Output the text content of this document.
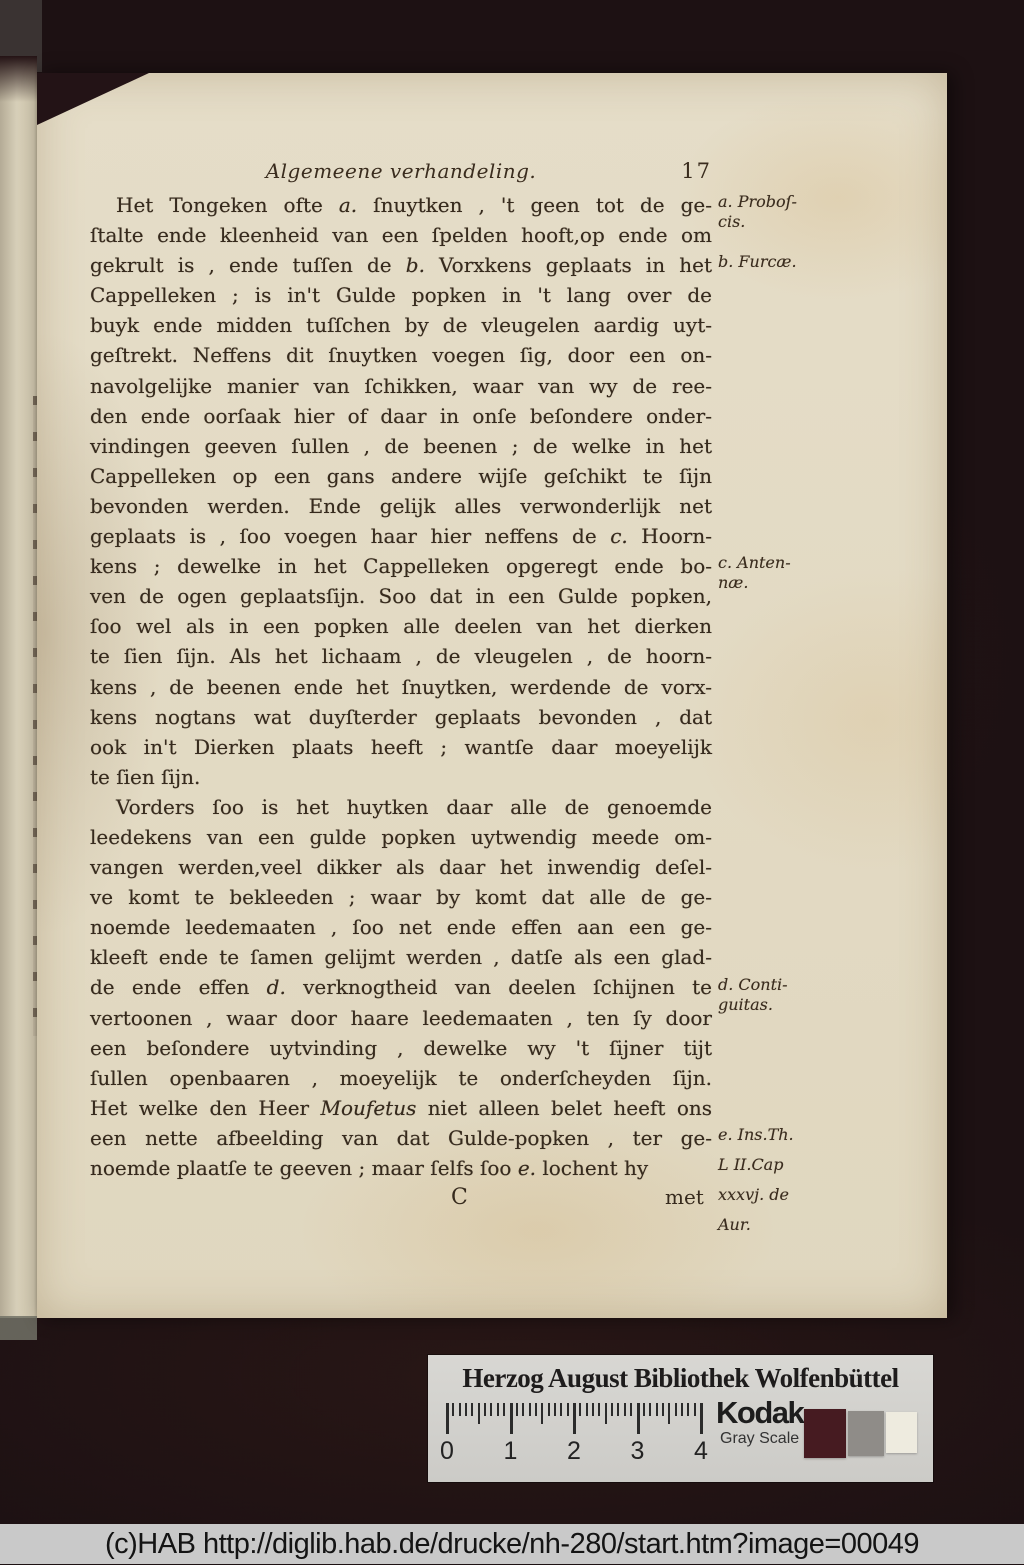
Algemeene verhandeling.	17
Het Tongeken ofte a. ſnuytken , 't geen tot de ge-
ſtalte ende kleenheid van een ſpelden hooft,op ende om
gekrult is , ende tuſſen de b. Vorxkens geplaats in het
Cappelleken ; is in't Gulde popken in 't lang over de
buyk ende midden tuſſchen by de vleugelen aardig uyt-
geſtrekt. Neffens dit ſnuytken voegen ſig, door een on-
navolgelijke manier van ſchikken, waar van wy de ree-
den ende oorſaak hier of daar in onſe beſondere onder-
vindingen geeven ſullen , de beenen ; de welke in het
Cappelleken op een gans andere wijſe geſchikt te ſijn
bevonden werden. Ende gelijk alles verwonderlijk net
geplaats is , ſoo voegen haar hier neffens de c. Hoorn-
kens ; dewelke in het Cappelleken opgeregt ende bo-
ven de ogen geplaatsſijn. Soo dat in een Gulde popken,
ſoo wel als in een popken alle deelen van het dierken
te ſien ſijn. Als het lichaam , de vleugelen , de hoorn-
kens , de beenen ende het ſnuytken, werdende de vorx-
kens nogtans wat duyſterder geplaats bevonden , dat
ook in't Dierken plaats heeft ; wantſe daar moeyelijk
te ſien ſijn.
Vorders ſoo is het huytken daar alle de genoemde
leedekens van een gulde popken uytwendig meede om-
vangen werden,veel dikker als daar het inwendig deſel-
ve komt te bekleeden ; waar by komt dat alle de ge-
noemde leedemaaten , ſoo net ende effen aan een ge-
kleeft ende te ſamen gelijmt werden , datſe als een glad-
de ende effen d. verknogtheid van deelen ſchijnen te
vertoonen , waar door haare leedemaaten , ten ſy door
een beſondere uytvinding , dewelke wy 't ſijner tijt
ſullen openbaaren , moeyelijk te onderſcheyden ſijn.
Het welke den Heer Moufetus niet alleen belet heeft ons
een nette afbeelding van dat Gulde-popken , ter ge-
noemde plaatſe te geeven ; maar ſelfs ſoo e. lochent hy
a. Proboſ-
cis.
b. Furcæ.
c. Anten-
næ.
d. Conti-
guitas.
e. Ins.Th.
L II.Cap
xxxvj. de
Aur.
C	met
Herzog August Bibliothek Wolfenbüttel
0 1 2 3 4
Kodak
Gray Scale
(c)HAB http://diglib.hab.de/drucke/nh-280/start.htm?image=00049
